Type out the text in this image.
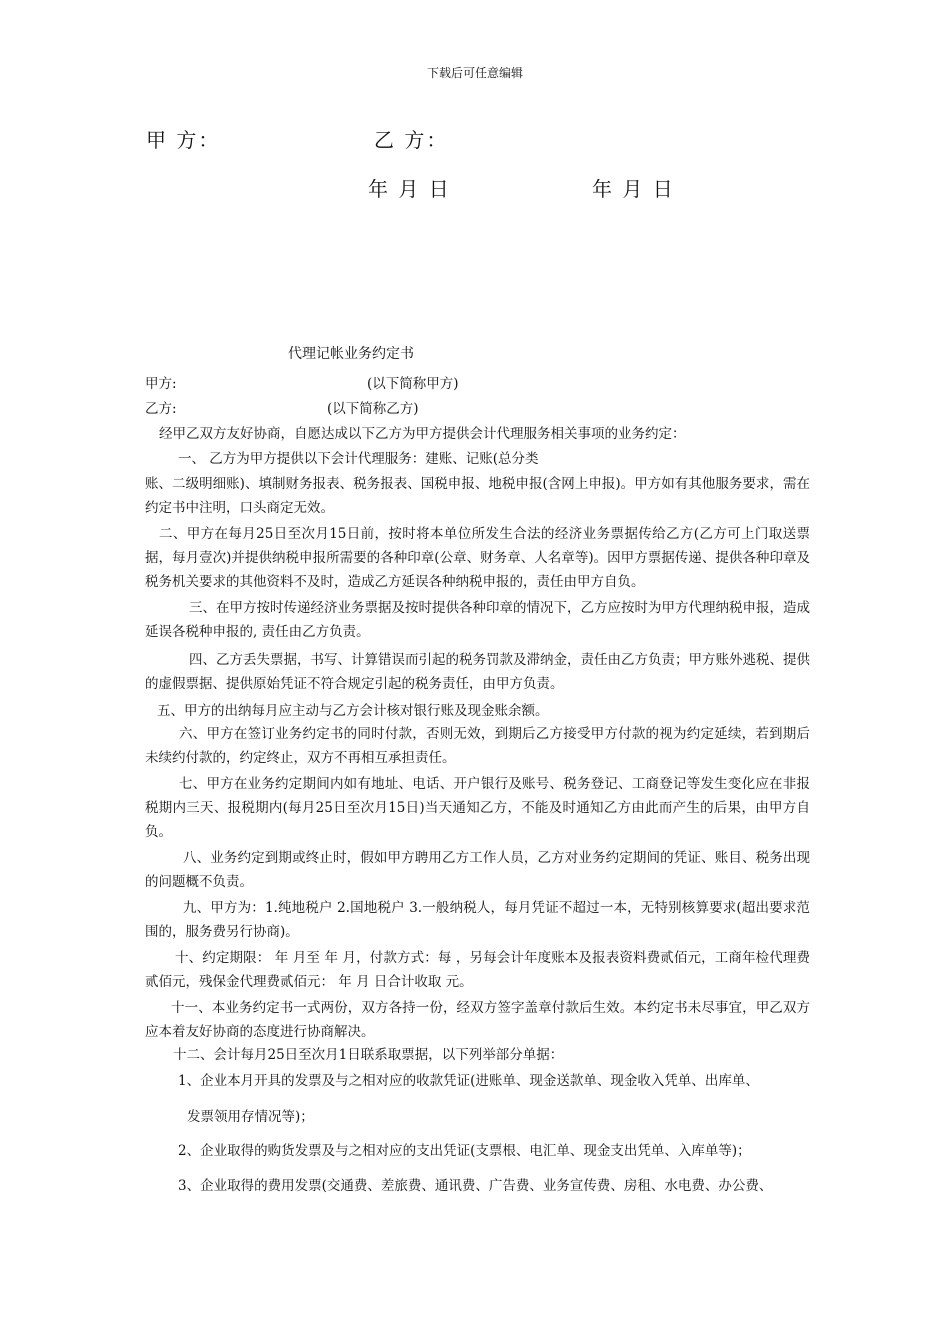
下载后可任意编辑
甲 方：	乙 方：
年 月 日	年 月 日
代理记帐业务约定书
甲方:	(以下简称甲方)
乙方:	(以下简称乙方)
经甲乙双方友好协商，自愿达成以下乙方为甲方提供会计代理服务相关事项的业务约定：
一、 乙方为甲方提供以下会计代理服务：建账、记账(总分类

账、二级明细账)、填制财务报表、税务报表、国税申报、地税申报(含网上申报)。甲方如有其他服务要求，需在约定书中注明，口头商定无效。

二、甲方在每月25日至次月15日前，按时将本单位所发生合法的经济业务票据传给乙方(乙方可上门取送票据，每月壹次)并提供纳税申报所需要的各种印章(公章、财务章、人名章等)。因甲方票据传递、提供各种印章及税务机关要求的其他资料不及时，造成乙方延误各种纳税申报的，责任由甲方自负。

三、在甲方按时传递经济业务票据及按时提供各种印章的情况下，乙方应按时为甲方代理纳税申报，造成延误各税种申报的, 责任由乙方负责。

四、乙方丢失票据，书写、计算错误而引起的税务罚款及滞纳金，责任由乙方负责；甲方账外逃税、提供的虚假票据、提供原始凭证不符合规定引起的税务责任，由甲方负责。

五、甲方的出纳每月应主动与乙方会计核对银行账及现金账余额。

六、甲方在签订业务约定书的同时付款，否则无效，到期后乙方接受甲方付款的视为约定延续，若到期后未续约付款的，约定终止，双方不再相互承担责任。

七、甲方在业务约定期间内如有地址、电话、开户银行及账号、税务登记、工商登记等发生变化应在非报税期内三天、报税期内(每月25日至次月15日)当天通知乙方，不能及时通知乙方由此而产生的后果，由甲方自负。

八、业务约定到期或终止时，假如甲方聘用乙方工作人员，乙方对业务约定期间的凭证、账目、税务出现的问题概不负责。

九、甲方为：1.纯地税户 2.国地税户 3.一般纳税人，每月凭证不超过一本，无特别核算要求(超出要求范围的，服务费另行协商)。

十、约定期限： 年 月至 年 月，付款方式：每 ，另每会计年度账本及报表资料费贰佰元，工商年检代理费贰佰元，残保金代理费贰佰元： 年 月 日合计收取 元。

十一、本业务约定书一式两份，双方各持一份，经双方签字盖章付款后生效。本约定书未尽事宜，甲乙双方应本着友好协商的态度进行协商解决。

十二、会计每月25日至次月1日联系取票据，以下列举部分单据：
1、企业本月开具的发票及与之相对应的收款凭证(进账单、现金送款单、现金收入凭单、出库单、
发票领用存情况等)；
2、企业取得的购货发票及与之相对应的支出凭证(支票根、电汇单、现金支出凭单、入库单等)；
3、企业取得的费用发票(交通费、差旅费、通讯费、广告费、业务宣传费、房租、水电费、办公费、
